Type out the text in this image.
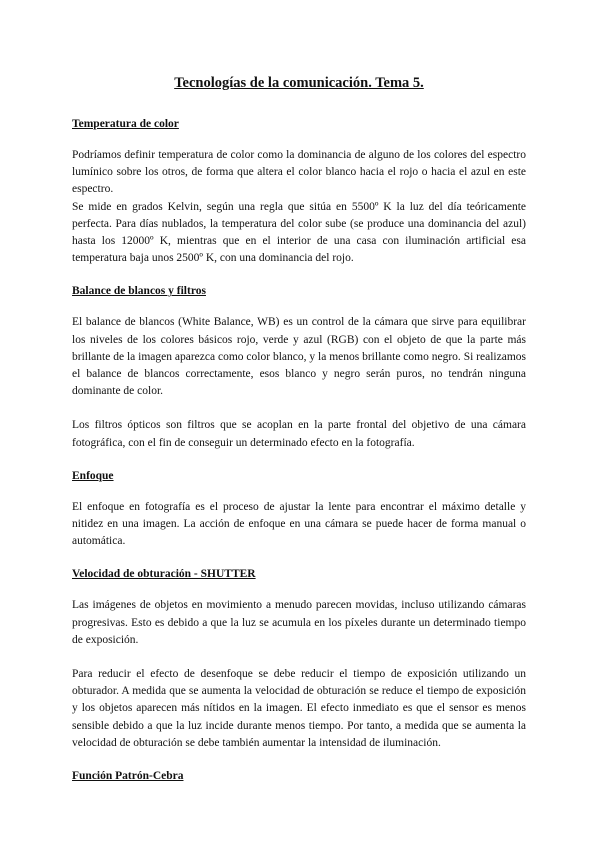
Tecnologías de la comunicación. Tema 5.
Temperatura de color

Podríamos definir temperatura de color como la dominancia de alguno de los colores del espectro lumínico sobre los otros, de forma que altera el color blanco hacia el rojo o hacia el azul en este espectro.

Se mide en grados Kelvin, según una regla que sitúa en 5500º K la luz del día teóricamente perfecta. Para días nublados, la temperatura del color sube (se produce una dominancia del azul) hasta los 12000º K, mientras que en el interior de una casa con iluminación artificial esa temperatura baja unos 2500º K, con una dominancia del rojo.

Balance de blancos y filtros

El balance de blancos (White Balance, WB) es un control de la cámara que sirve para equilibrar los niveles de los colores básicos rojo, verde y azul (RGB) con el objeto de que la parte más brillante de la imagen aparezca como color blanco, y la menos brillante como negro. Si realizamos el balance de blancos correctamente, esos blanco y negro serán puros, no tendrán ninguna dominante de color.

Los filtros ópticos son filtros que se acoplan en la parte frontal del objetivo de una cámara fotográfica, con el fin de conseguir un determinado efecto en la fotografía.

Enfoque

El enfoque en fotografía es el proceso de ajustar la lente para encontrar el máximo detalle y nitidez en una imagen. La acción de enfoque en una cámara se puede hacer de forma manual o automática.

Velocidad de obturación - SHUTTER

Las imágenes de objetos en movimiento a menudo parecen movidas, incluso utilizando cámaras progresivas. Esto es debido a que la luz se acumula en los píxeles durante un determinado tiempo de exposición.

Para reducir el efecto de desenfoque se debe reducir el tiempo de exposición utilizando un obturador. A medida que se aumenta la velocidad de obturación se reduce el tiempo de exposición y los objetos aparecen más nítidos en la imagen. El efecto inmediato es que el sensor es menos sensible debido a que la luz incide durante menos tiempo. Por tanto, a medida que se aumenta la velocidad de obturación se debe también aumentar la intensidad de iluminación.

Función Patrón-Cebra
